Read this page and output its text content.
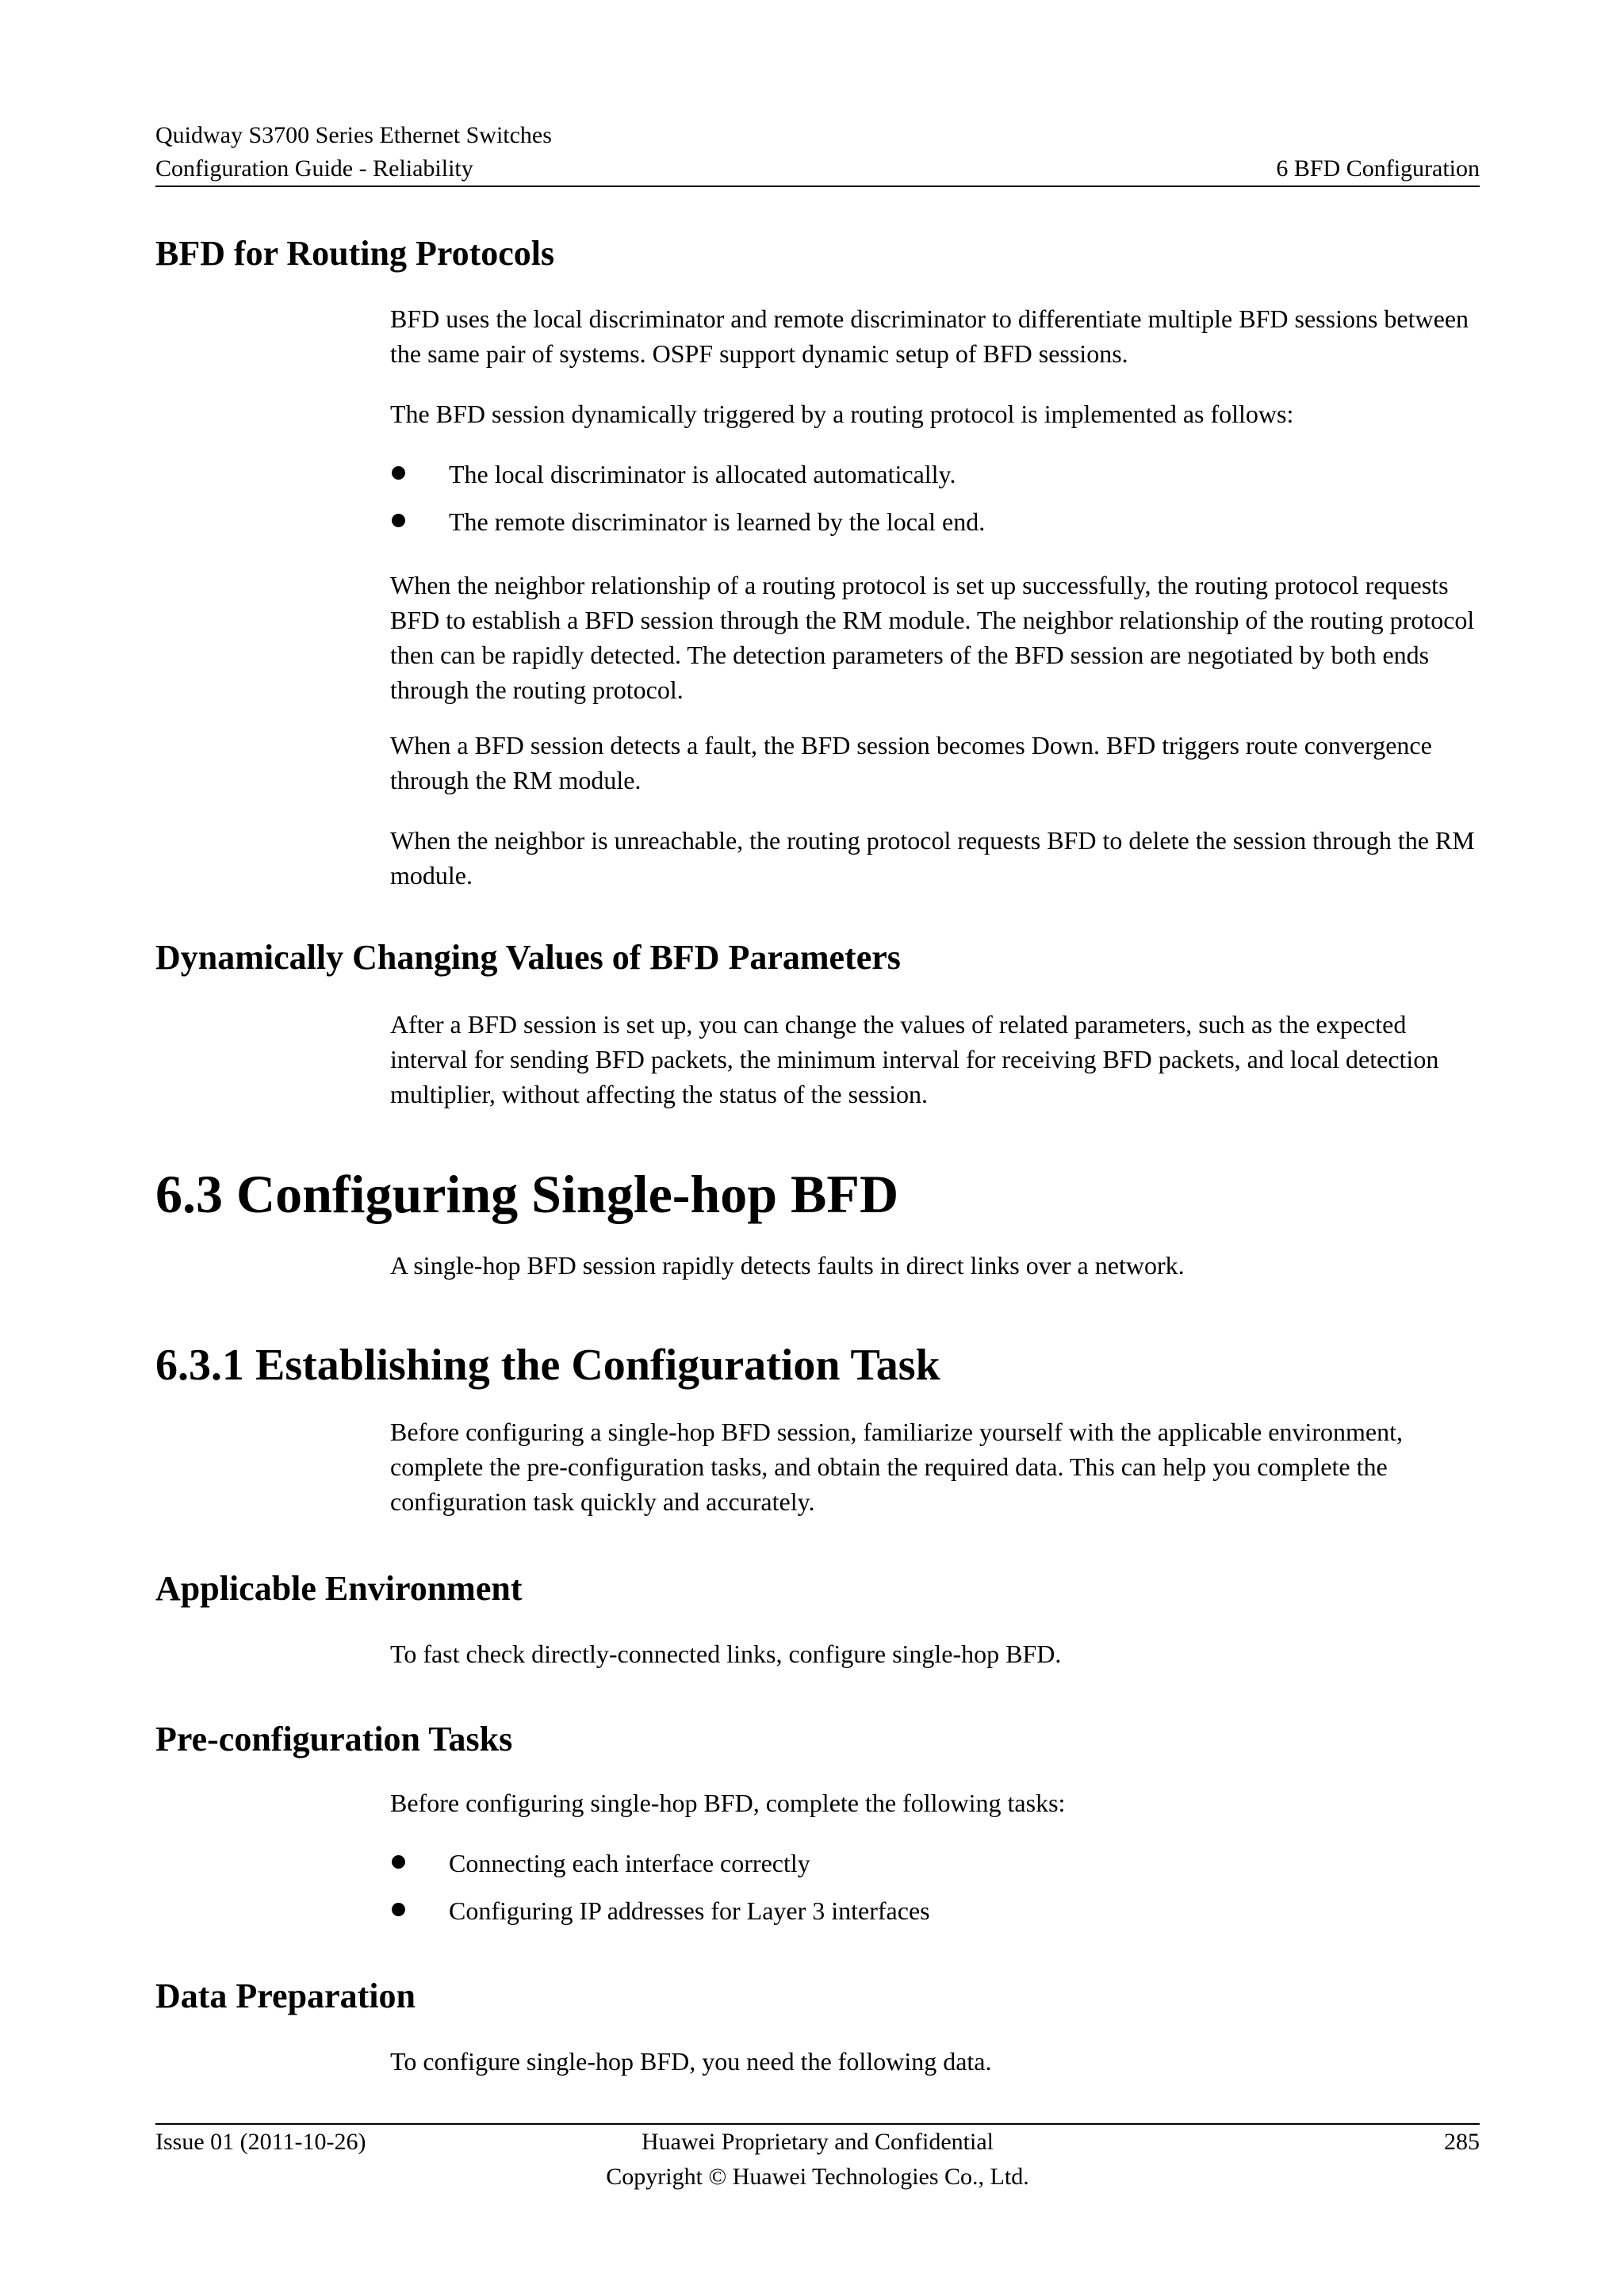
Quidway S3700 Series Ethernet Switches
Configuration Guide - Reliability	6 BFD Configuration
BFD for Routing Protocols

BFD uses the local discriminator and remote discriminator to differentiate multiple BFD sessions between the same pair of systems. OSPF support dynamic setup of BFD sessions.

The BFD session dynamically triggered by a routing protocol is implemented as follows:

The local discriminator is allocated automatically.
The remote discriminator is learned by the local end.

When the neighbor relationship of a routing protocol is set up successfully, the routing protocol requests BFD to establish a BFD session through the RM module. The neighbor relationship of the routing protocol then can be rapidly detected. The detection parameters of the BFD session are negotiated by both ends through the routing protocol.

When a BFD session detects a fault, the BFD session becomes Down. BFD triggers route convergence through the RM module.

When the neighbor is unreachable, the routing protocol requests BFD to delete the session through the RM module.

Dynamically Changing Values of BFD Parameters

After a BFD session is set up, you can change the values of related parameters, such as the expected interval for sending BFD packets, the minimum interval for receiving BFD packets, and local detection multiplier, without affecting the status of the session.

6.3 Configuring Single-hop BFD

A single-hop BFD session rapidly detects faults in direct links over a network.

6.3.1 Establishing the Configuration Task

Before configuring a single-hop BFD session, familiarize yourself with the applicable environment, complete the pre-configuration tasks, and obtain the required data. This can help you complete the configuration task quickly and accurately.

Applicable Environment

To fast check directly-connected links, configure single-hop BFD.

Pre-configuration Tasks

Before configuring single-hop BFD, complete the following tasks:

Connecting each interface correctly
Configuring IP addresses for Layer 3 interfaces
Data Preparation

To configure single-hop BFD, you need the following data.

Issue 01 (2011-10-26)	Huawei Proprietary and Confidential
Copyright © Huawei Technologies Co., Ltd.
285
